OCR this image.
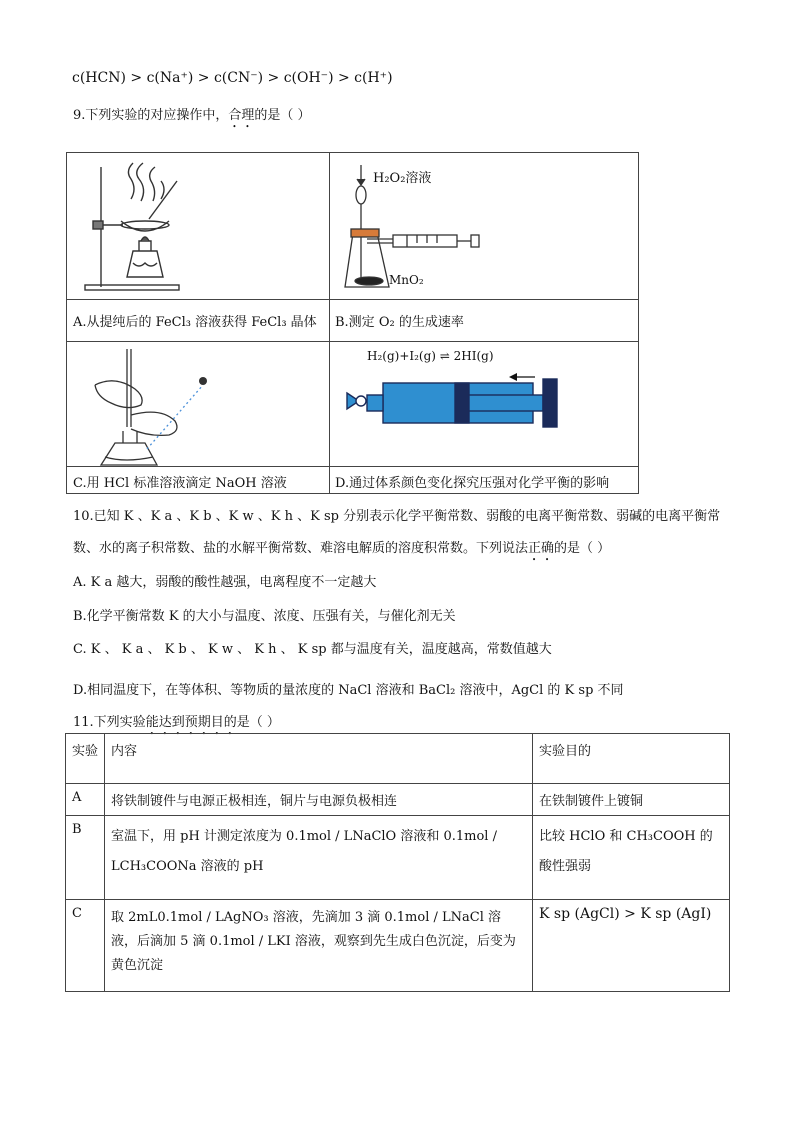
c(HCN) > c(Na⁺) > c(CN⁻) > c(OH⁻) > c(H⁺)
9.下列实验的对应操作中，合理的是（ ）
H₂O₂溶液
MnO₂
H₂(g)+I₂(g) ⇌ 2HI(g)
A.从提纯后的 FeCl₃ 溶液获得 FeCl₃ 晶体 B.测定 O₂ 的生成速率
C.用 HCl 标准溶液滴定 NaOH 溶液	D.通过体系颜色变化探究压强对化学平衡的影响
10.已知 K 、K a 、K b 、K w 、K h 、K sp 分别表示化学平衡常数、弱酸的电离平衡常数、弱碱的电离平衡常
数、水的离子积常数、盐的水解平衡常数、难溶电解质的溶度积常数。下列说法正确的是（ ）
A. K a 越大，弱酸的酸性越强，电离程度不一定越大
B.化学平衡常数 K 的大小与温度、浓度、压强有关，与催化剂无关
C. K 、 K a 、 K b 、 K w 、 K h 、 K sp 都与温度有关，温度越高，常数值越大
D.相同温度下，在等体积、等物质的量浓度的 NaCl 溶液和 BaCl₂ 溶液中，AgCl 的 K sp 不同
11.下列实验能达到预期目的是（ ）
实验	内容	实验目的
A	将铁制镀件与电源正极相连，铜片与电源负极相连	在铁制镀件上镀铜
B	室温下，用 pH 计测定浓度为 0.1mol / LNaClO 溶液和 0.1mol / LCH₃COONa 溶液的 pH	比较 HClO 和 CH₃COOH 的酸性强弱
C	取 2mL0.1mol / LAgNO₃ 溶液，先滴加 3 滴 0.1mol / LNaCl 溶液，后滴加 5 滴 0.1mol / LKI 溶液，观察到先生成白色沉淀，后变为黄色沉淀	K sp (AgCl) > K sp (AgI)
